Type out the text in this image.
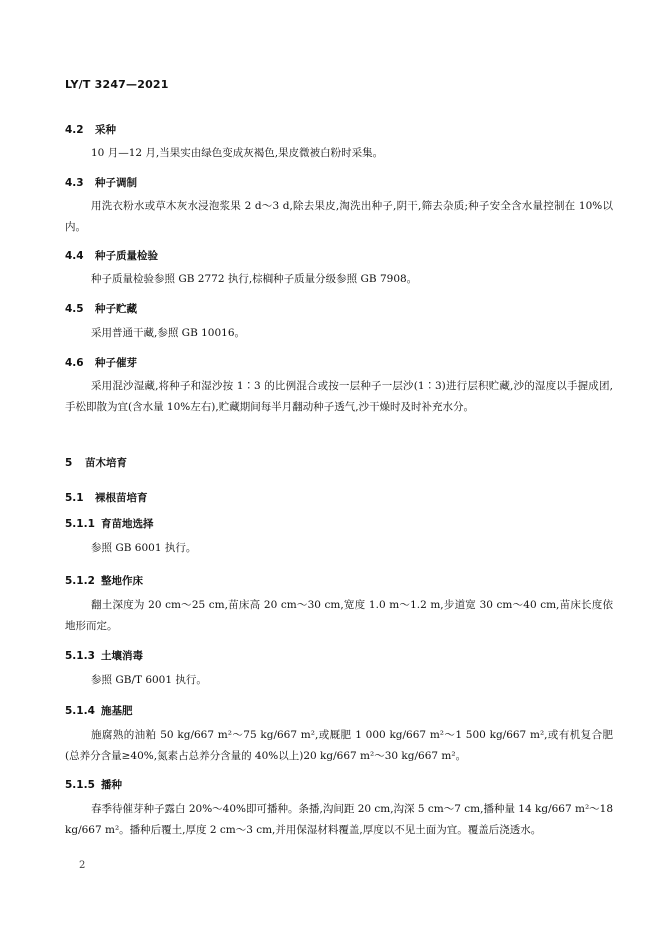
LY/T 3247—2021
4.2 采种

10 月—12 月,当果实由绿色变成灰褐色,果皮微被白粉时采集。

4.3 种子调制

用洗衣粉水或草木灰水浸泡浆果 2 d～3 d,除去果皮,淘洗出种子,阴干,筛去杂质;种子安全含水量控制在 10%以内。

4.4 种子质量检验

种子质量检验参照 GB 2772 执行,棕榈种子质量分级参照 GB 7908。

4.5 种子贮藏

采用普通干藏,参照 GB 10016。

4.6 种子催芽

采用混沙湿藏,将种子和湿沙按 1∶3 的比例混合或按一层种子一层沙(1∶3)进行层积贮藏,沙的湿度以手握成团,手松即散为宜(含水量 10%左右),贮藏期间每半月翻动种子透气,沙干燥时及时补充水分。

5 苗木培育
5.1 裸根苗培育
5.1.1 育苗地选择

参照 GB 6001 执行。

5.1.2 整地作床

翻土深度为 20 cm～25 cm,苗床高 20 cm～30 cm,宽度 1.0 m～1.2 m,步道宽 30 cm～40 cm,苗床长度依地形而定。

5.1.3 土壤消毒

参照 GB/T 6001 执行。

5.1.4 施基肥

施腐熟的油粕 50 kg/667 m²～75 kg/667 m²,或厩肥 1 000 kg/667 m²～1 500 kg/667 m²,或有机复合肥(总养分含量≥40%,氮素占总养分含量的 40%以上)20 kg/667 m²～30 kg/667 m²。

5.1.5 播种

春季待催芽种子露白 20%～40%即可播种。条播,沟间距 20 cm,沟深 5 cm～7 cm,播种量 14 kg/667 m²～18 kg/667 m²。播种后覆土,厚度 2 cm～3 cm,并用保湿材料覆盖,厚度以不见土面为宜。覆盖后浇透水。

2
